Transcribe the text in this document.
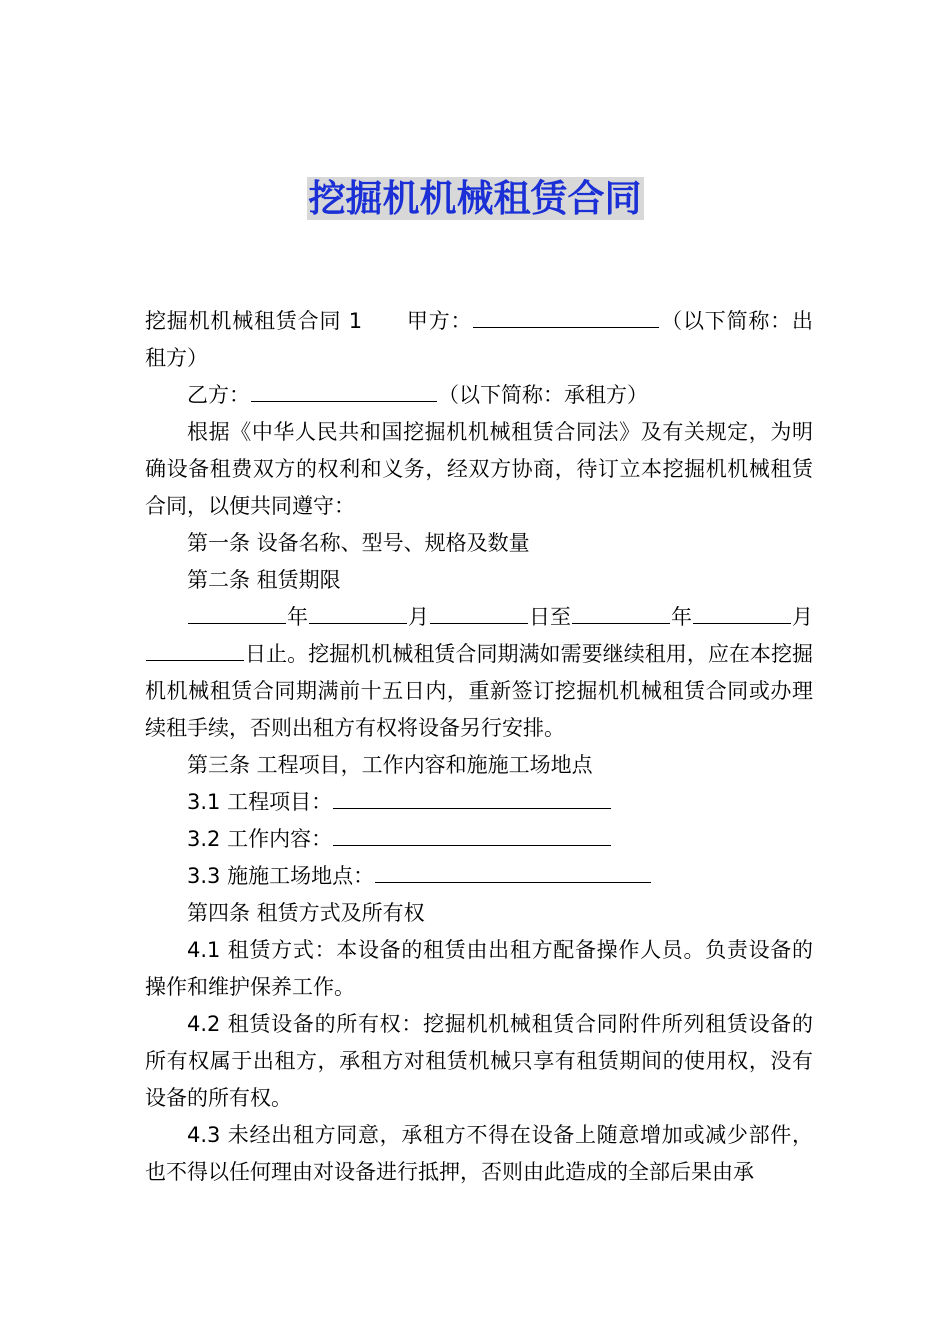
挖掘机机械租赁合同

挖掘机机械租赁合同 1 甲方：	（以下简称：出租方）

乙方：	（以下简称：承租方）

根据《中华人民共和国挖掘机机械租赁合同法》及有关规定，为明确设备租费双方的权利和义务，经双方协商，待订立本挖掘机机械租赁合同，以便共同遵守：

第一条 设备名称、型号、规格及数量

第二条 租赁期限

年	月	日至	年	月日止。挖掘机机械租赁合同期满如需要继续租用，应在本挖掘机机械租赁合同期满前十五日内，重新签订挖掘机机械租赁合同或办理续租手续，否则出租方有权将设备另行安排。

第三条 工程项目，工作内容和施施工场地点

3.1 工程项目：

3.2 工作内容：

3.3 施施工场地点：

第四条 租赁方式及所有权

4.1 租赁方式：本设备的租赁由出租方配备操作人员。负责设备的操作和维护保养工作。

4.2 租赁设备的所有权：挖掘机机械租赁合同附件所列租赁设备的所有权属于出租方，承租方对租赁机械只享有租赁期间的使用权，没有设备的所有权。

4.3 未经出租方同意，承租方不得在设备上随意增加或减少部件，也不得以任何理由对设备进行抵押，否则由此造成的全部后果由承
